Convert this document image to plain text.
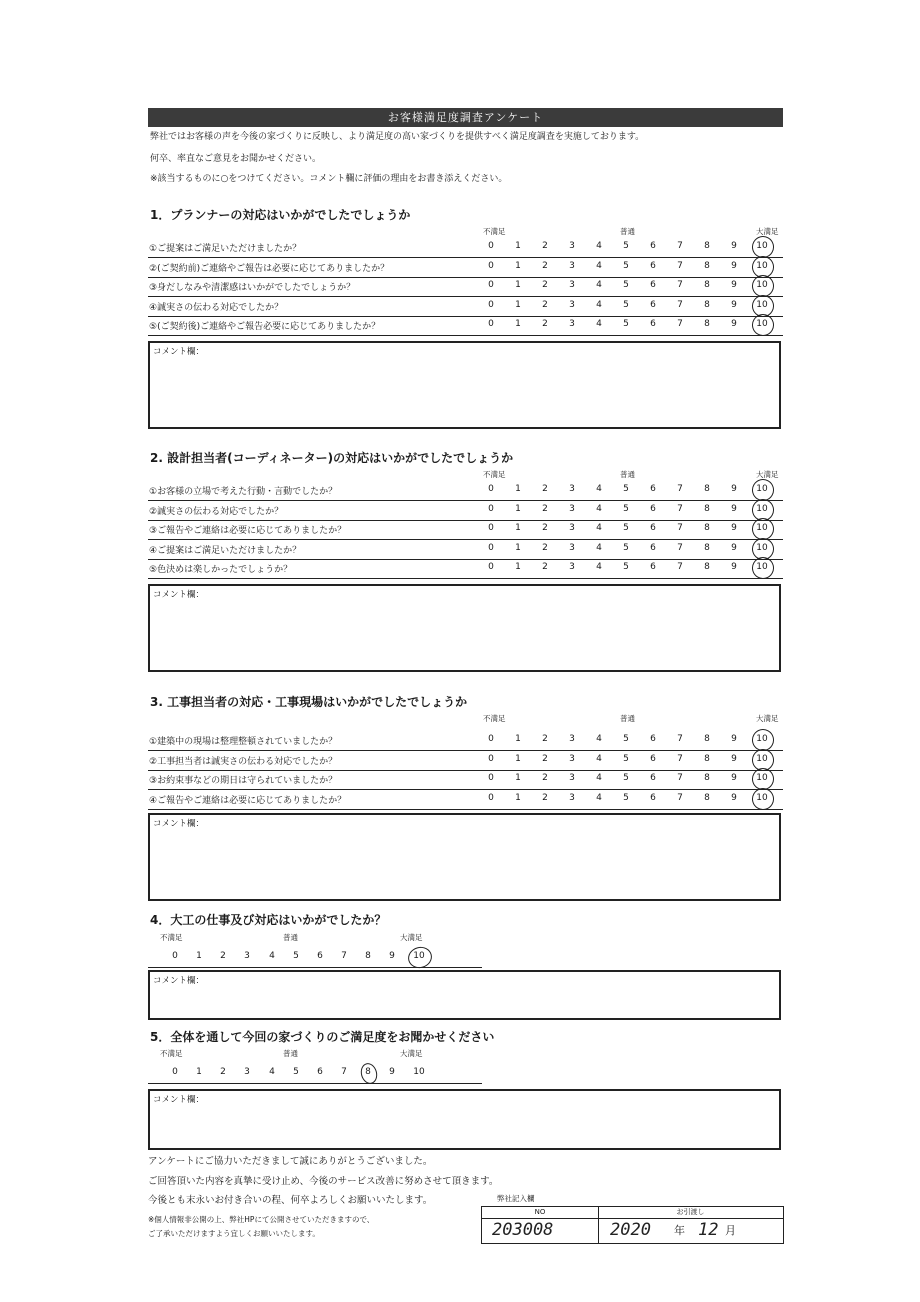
お客様満足度調査アンケート
弊社ではお客様の声を今後の家づくりに反映し、より満足度の高い家づくりを提供すべく満足度調査を実施しております。
何卒、率直なご意見をお聞かせください。
※該当するものに○をつけてください。コメント欄に評価の理由をお書き添えください。
1．プランナーの対応はいかがでしたでしょうか
不満足	普通	大満足
①ご提案はご満足いただけましたか？	0	1	2	3	4	5	6	7	8	9	10
②(ご契約前)ご連絡やご報告は必要に応じてありましたか？	0	1	2	3	4	5	6	7	8	9	10
③身だしなみや清潔感はいかがでしたでしょうか？	0	1	2	3	4	5	6	7	8	9	10
④誠実さの伝わる対応でしたか？	0	1	2	3	4	5	6	7	8	9	10
⑤(ご契約後)ご連絡やご報告必要に応じてありましたか？	0	1	2	3	4	5	6	7	8	9	10
コメント欄：
2. 設計担当者(コーディネーター)の対応はいかがでしたでしょうか
不満足	普通	大満足
①お客様の立場で考えた行動・言動でしたか？	0	1	2	3	4	5	6	7	8	9	10
②誠実さの伝わる対応でしたか？	0	1	2	3	4	5	6	7	8	9	10
③ご報告やご連絡は必要に応じてありましたか？	0	1	2	3	4	5	6	7	8	9	10
④ご提案はご満足いただけましたか？	0	1	2	3	4	5	6	7	8	9	10
⑤色決めは楽しかったでしょうか？	0	1	2	3	4	5	6	7	8	9	10
コメント欄：
3. 工事担当者の対応・工事現場はいかがでしたでしょうか
不満足	普通	大満足
①建築中の現場は整理整頓されていましたか？	0	1	2	3	4	5	6	7	8	9	10
②工事担当者は誠実さの伝わる対応でしたか？	0	1	2	3	4	5	6	7	8	9	10
③お約束事などの期日は守られていましたか？	0	1	2	3	4	5	6	7	8	9	10
④ご報告やご連絡は必要に応じてありましたか？	0	1	2	3	4	5	6	7	8	9	10
コメント欄：
4．大工の仕事及び対応はいかがでしたか？
不満足	普通	大満足
0	1	2	3	4	5	6	7	8	9	10
コメント欄：
5．全体を通して今回の家づくりのご満足度をお聞かせください
不満足	普通	大満足
0	1	2	3	4	5	6	7	8	9	10
コメント欄：
アンケートにご協力いただきまして誠にありがとうございました。
ご回答頂いた内容を真摯に受け止め、今後のサービス改善に努めさせて頂きます。
今後とも末永いお付き合いの程、何卒よろしくお願いいたします。
※個人情報非公開の上、弊社HPにて公開させていただきますので、
ご了承いただけますよう宜しくお願いいたします。
弊社記入欄
NO	お引渡し
203008	2020 年 12 月
